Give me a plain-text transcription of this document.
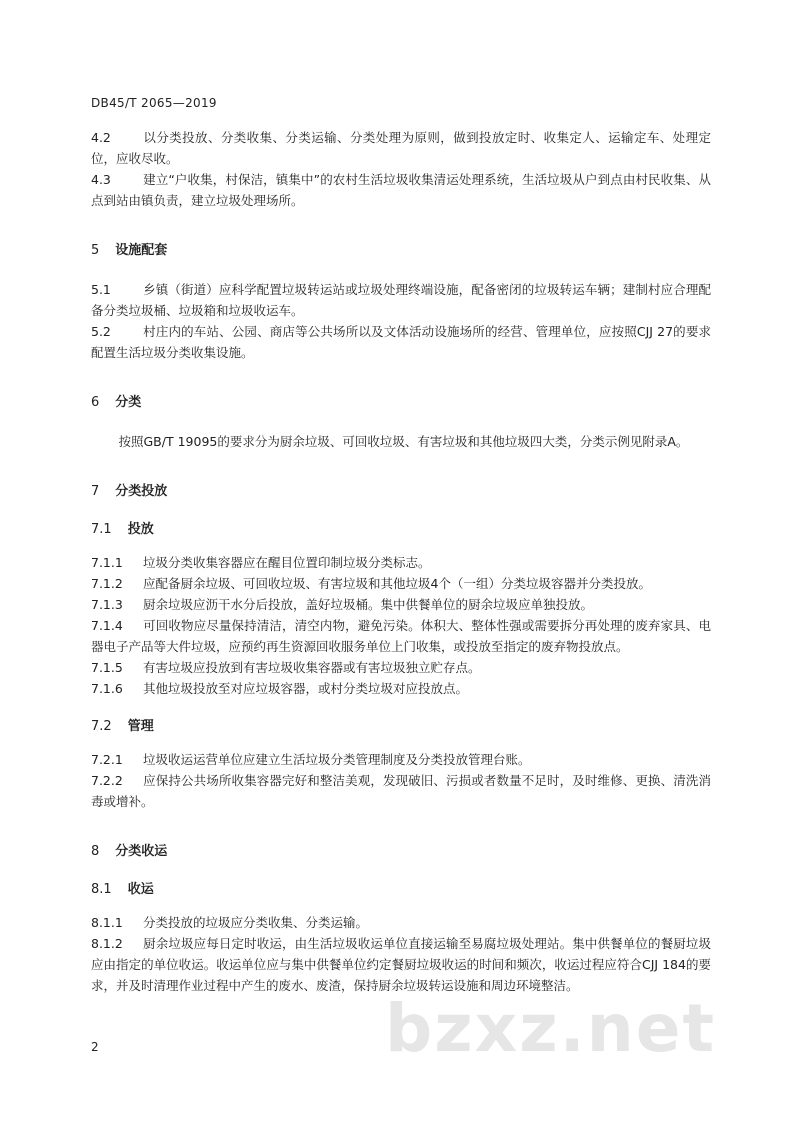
DB45/T 2065—2019

4.2	以分类投放、分类收集、分类运输、分类处理为原则，做到投放定时、收集定人、运输定车、处理定位，应收尽收。

4.3	建立“户收集，村保洁，镇集中”的农村生活垃圾收集清运处理系统，生活垃圾从户到点由村民收集、从点到站由镇负责，建立垃圾处理场所。

5 设施配套

5.1	乡镇（街道）应科学配置垃圾转运站或垃圾处理终端设施，配备密闭的垃圾转运车辆；建制村应合理配备分类垃圾桶、垃圾箱和垃圾收运车。

5.2	村庄内的车站、公园、商店等公共场所以及文体活动设施场所的经营、管理单位，应按照CJJ 27的要求配置生活垃圾分类收集设施。

6 分类

按照GB/T 19095的要求分为厨余垃圾、可回收垃圾、有害垃圾和其他垃圾四大类，分类示例见附录A。

7 分类投放
7.1 投放

7.1.1 垃圾分类收集容器应在醒目位置印制垃圾分类标志。

7.1.2 应配备厨余垃圾、可回收垃圾、有害垃圾和其他垃圾4个（一组）分类垃圾容器并分类投放。

7.1.3 厨余垃圾应沥干水分后投放，盖好垃圾桶。集中供餐单位的厨余垃圾应单独投放。

7.1.4 可回收物应尽量保持清洁，清空内物，避免污染。体积大、整体性强或需要拆分再处理的废弃家具、电器电子产品等大件垃圾，应预约再生资源回收服务单位上门收集，或投放至指定的废弃物投放点。

7.1.5 有害垃圾应投放到有害垃圾收集容器或有害垃圾独立贮存点。

7.1.6 其他垃圾投放至对应垃圾容器，或村分类垃圾对应投放点。

7.2 管理

7.2.1 垃圾收运运营单位应建立生活垃圾分类管理制度及分类投放管理台账。

7.2.2 应保持公共场所收集容器完好和整洁美观，发现破旧、污损或者数量不足时，及时维修、更换、清洗消毒或增补。

8 分类收运
8.1 收运

8.1.1 分类投放的垃圾应分类收集、分类运输。

8.1.2 厨余垃圾应每日定时收运，由生活垃圾收运单位直接运输至易腐垃圾处理站。集中供餐单位的餐厨垃圾应由指定的单位收运。收运单位应与集中供餐单位约定餐厨垃圾收运的时间和频次，收运过程应符合CJJ 184的要求，并及时清理作业过程中产生的废水、废渣，保持厨余垃圾转运设施和周边环境整洁。

2	bzxz.net
